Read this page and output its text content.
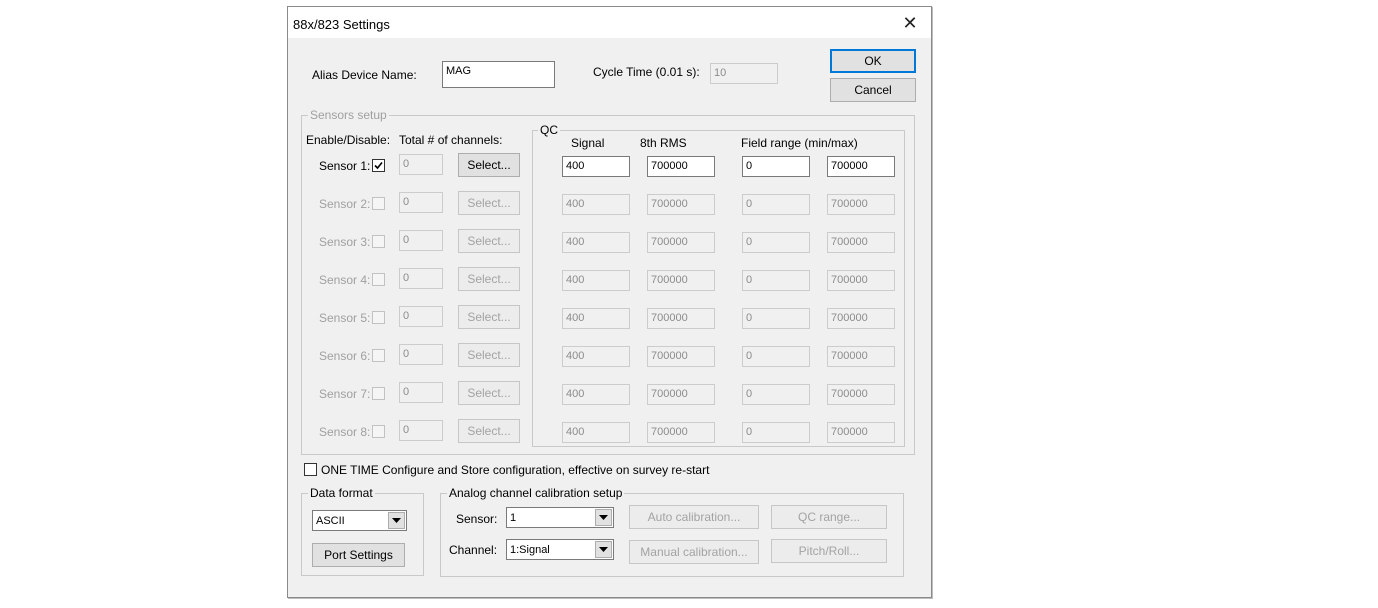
88x/823 Settings	✕
Alias Device Name:	MAG	Cycle Time (0.01 s):	10
OK
Cancel
Sensors setup
Enable/Disable: Total # of channels:
Sensor 1:	0	Select...
Sensor 2:	0	Select...
Sensor 3:	0	Select...
Sensor 4:	0	Select...
Sensor 5:	0	Select...
Sensor 6:	0	Select...
Sensor 7:	0	Select...
Sensor 8:	0	Select...
QC
Signal	8th RMS	Field range (min/max)
400	700000	0	700000
400	700000	0	700000
400	700000	0	700000
400	700000	0	700000
400	700000	0	700000
400	700000	0	700000
400	700000	0	700000
400	700000	0	700000
ONE TIME Configure and Store configuration, effective on survey re-start
Data format
ASCII
Port Settings
Analog channel calibration setup
Sensor: 1
Channel: 1:Signal
Auto calibration...	QC range...
Manual calibration...	Pitch/Roll...
